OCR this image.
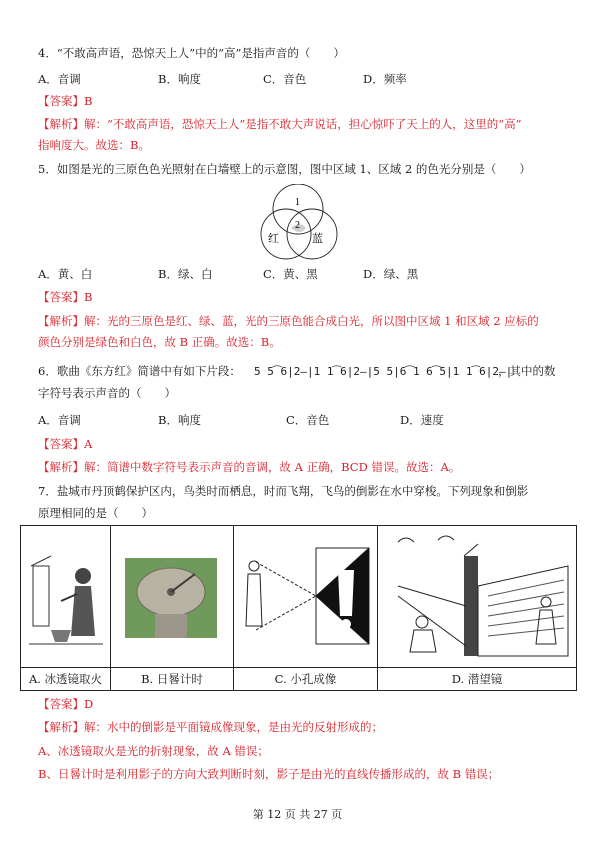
4．“不敢高声语，恐惊天上人”中的“高”是指声音的（　　）
A．音调	B．响度	C．音色	D．频率
【答案】B
【解析】解：“不敢高声语，恐惊天上人”是指不敢大声说话，担心惊吓了天上的人，这里的“高”
指响度大。故选：B。
5．如图是光的三原色色光照射在白墙壁上的示意图，图中区域 1、区域 2 的色光分别是（　　）
1
2
红	蓝
A．黄、白	B．绿、白	C．黄、黑	D．绿、黑
【答案】B
【解析】解：光的三原色是红、绿、蓝，光的三原色能合成白光，所以图中区域 1 和区域 2 应标的
颜色分别是绿色和白色，故 B 正确。故选：B。
6．歌曲《东方红》简谱中有如下片段： 5 5͡6|2–|1 1͡6|2–|5 5|6͡1 6͡5|1 1͡6|2–|
，其中的数
字符号表示声音的（　　）
A．音调	B．响度	C．音色	D．速度
【答案】A
【解析】解：简谱中数字符号表示声音的音调，故 A 正确，BCD 错误。故选：A。
7．盐城市丹顶鹤保护区内，鸟类时而栖息，时而飞翔，飞鸟的倒影在水中穿梭。下列现象和倒影
原理相同的是（　　）

A. 冰透镜取火	B. 日晷计时	C. 小孔成像	D. 潜望镜
【答案】D
【解析】解：水中的倒影是平面镜成像现象，是由光的反射形成的；
A、冰透镜取火是光的折射现象，故 A 错误；
B、日晷计时是利用影子的方向大致判断时刻，影子是由光的直线传播形成的，故 B 错误；
第 12 页 共 27 页
